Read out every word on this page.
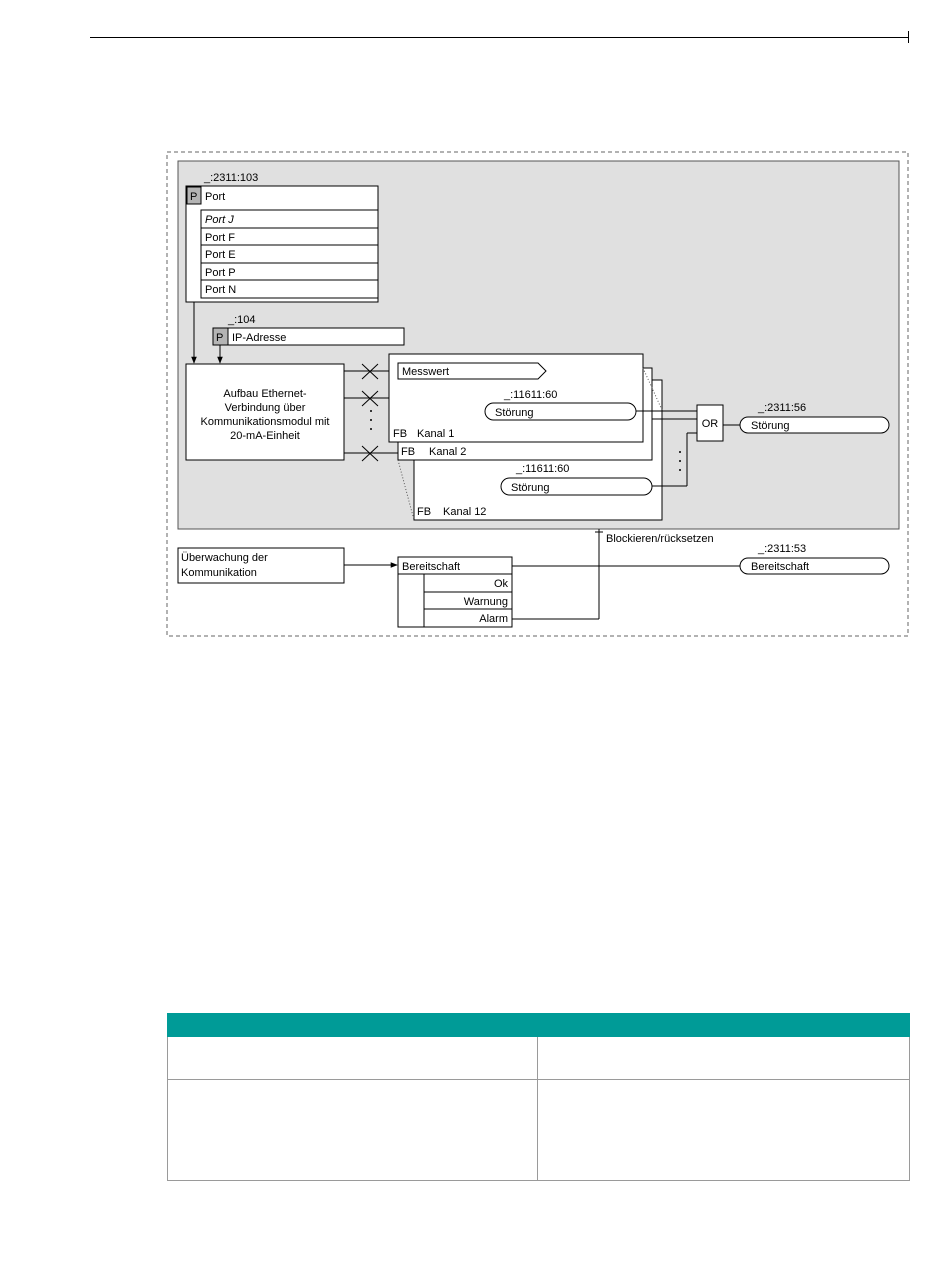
_:2311:103
P Port
Port J
Port F
Port E
Port P
Port N
_:104
P IP-Adresse
Aufbau Ethernet-
Verbindung über
Kommunikationsmodul mit
20-mA-Einheit
Messwert
_:11611:60
Störung
FB Kanal 1
FB Kanal 2
_:11611:60
Störung
FB Kanal 12
OR
_:2311:56
Störung
Überwachung der
Kommunikation	Bereitschaft
Ok
Warnung
Alarm
Blockieren/rücksetzen
_:2311:53
Bereitschaft
